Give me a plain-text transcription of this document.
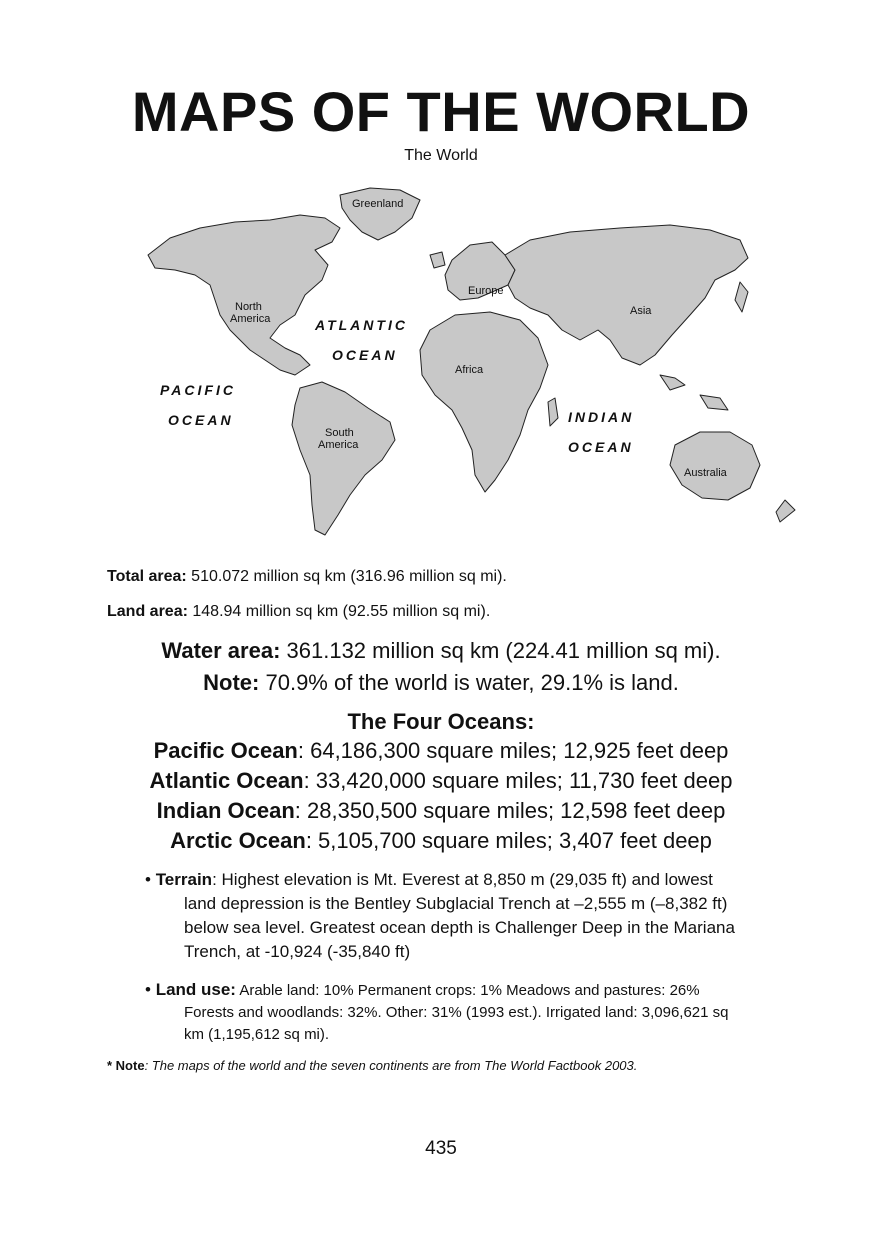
MAPS OF THE WORLD
The World
Greenland
North
America
Europe
Asia
Africa
South
America
Australia
ATLANTIC
OCEAN
PACIFIC
OCEAN	INDIAN
OCEAN
Total area: 510.072 million sq km (316.96 million sq mi).
Land area: 148.94 million sq km (92.55 million sq mi).
Water area: 361.132 million sq km (224.41 million sq mi).
Note: 70.9% of the world is water, 29.1% is land.
The Four Oceans:
Pacific Ocean: 64,186,300 square miles; 12,925 feet deep
Atlantic Ocean: 33,420,000 square miles; 11,730 feet deep
Indian Ocean: 28,350,500 square miles; 12,598 feet deep
Arctic Ocean: 5,105,700 square miles; 3,407 feet deep
• Terrain: Highest elevation is Mt. Everest at 8,850 m (29,035 ft) and lowest
land depression is the Bentley Subglacial Trench at –2,555 m (–8,382 ft)
below sea level. Greatest ocean depth is Challenger Deep in the Mariana
Trench, at -10,924 (-35,840 ft)
• Land use: Arable land: 10% Permanent crops: 1% Meadows and pastures: 26%
Forests and woodlands: 32%. Other: 31% (1993 est.). Irrigated land: 3,096,621 sq
km (1,195,612 sq mi).
* Note: The maps of the world and the seven continents are from The World Factbook 2003.
435
